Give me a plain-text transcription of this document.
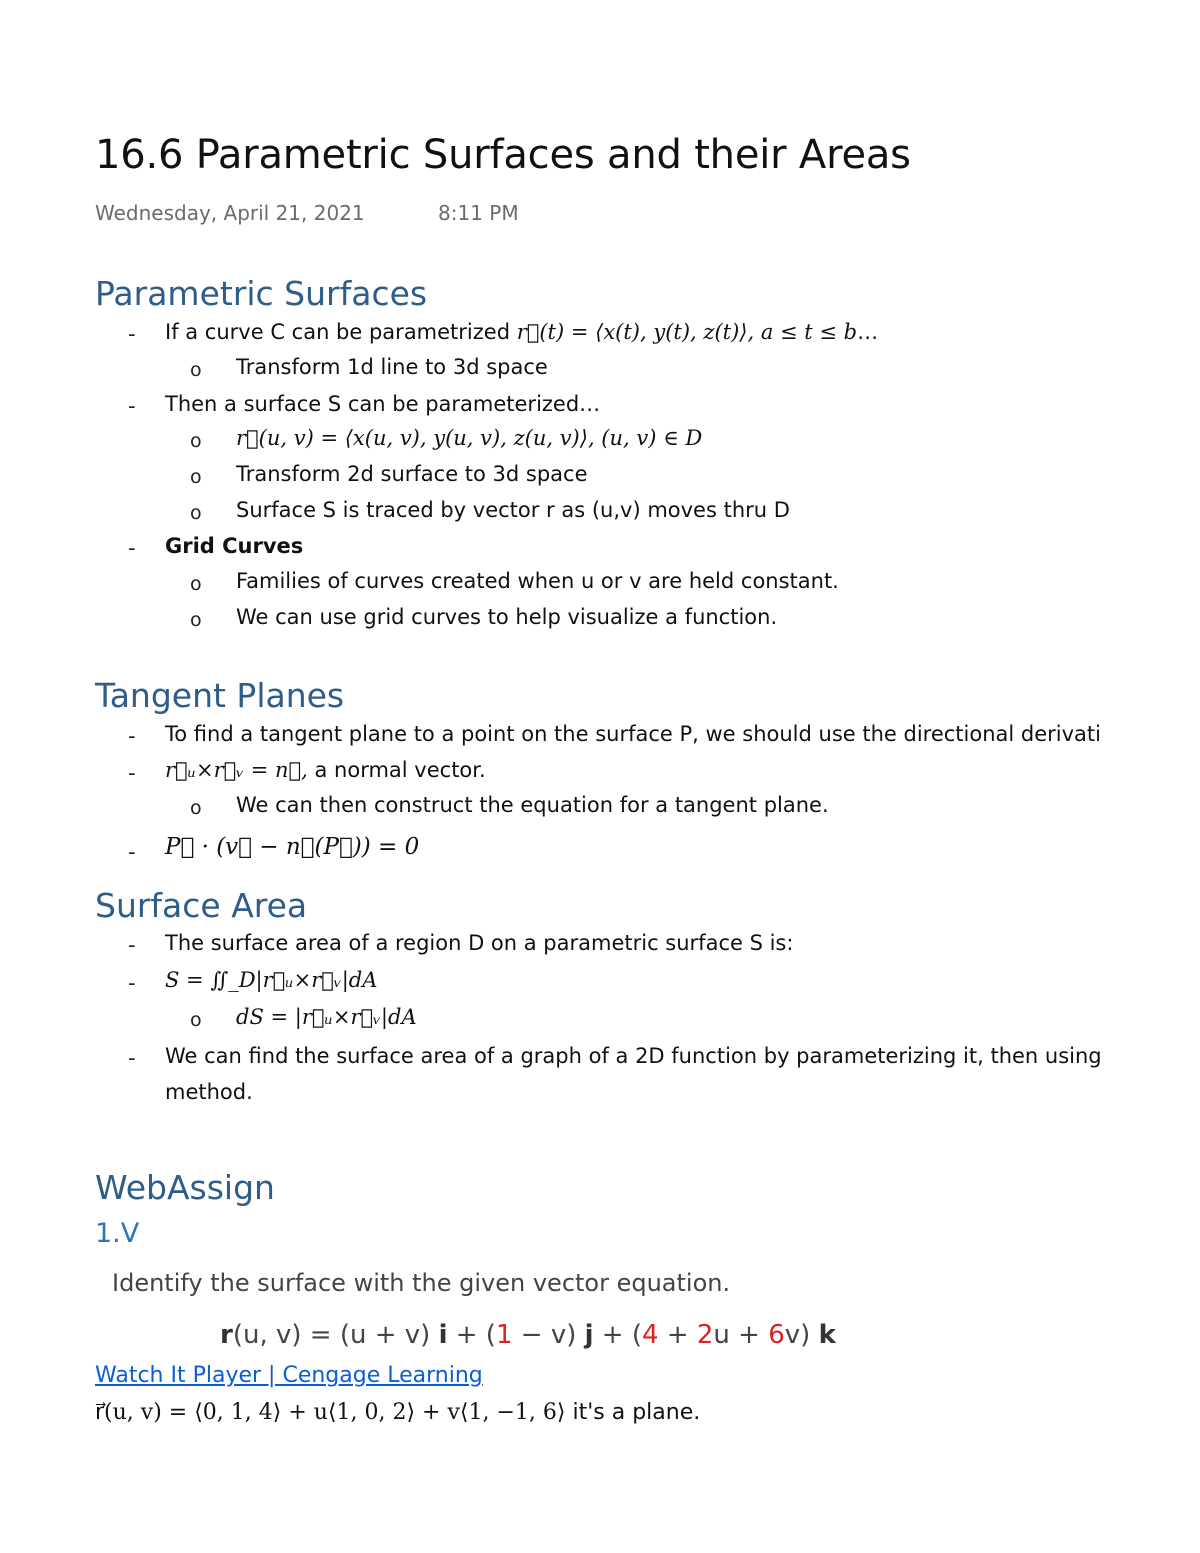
16.6 Parametric Surfaces and their Areas
Wednesday, April 21, 2021	8:11 PM
Parametric Surfaces
- If a curve C can be parametrized r⃗(t) = ⟨x(t), y(t), z(t)⟩, a ≤ t ≤ b…
o Transform 1d line to 3d space
- Then a surface S can be parameterized…
o r⃗(u, v) = ⟨x(u, v), y(u, v), z(u, v)⟩, (u, v) ∈ D
o Transform 2d surface to 3d space
o Surface S is traced by vector r as (u,v) moves thru D
- Grid Curves
o Families of curves created when u or v are held constant.
o We can use grid curves to help visualize a function.
Tangent Planes
- To find a tangent plane to a point on the surface P, we should use the directional derivati
- r⃗ᵤ×r⃗ᵥ = n⃗, a normal vector.
o We can then construct the equation for a tangent plane.
- P⃗ · (v⃗ − n⃗(P⃗)) = 0
Surface Area
- The surface area of a region D on a parametric surface S is:
- S = ∬_D|r⃗ᵤ×r⃗ᵥ|dA
o dS = |r⃗ᵤ×r⃗ᵥ|dA
- We can find the surface area of a graph of a 2D function by parameterizing it, then using
method.
WebAssign
1.V
Identify the surface with the given vector equation.
r(u, v) = (u + v) i + (1 − v) j + (4 + 2u + 6v) k
Watch It Player | Cengage Learning
r⃗(u, v) = ⟨0, 1, 4⟩ + u⟨1, 0, 2⟩ + v⟨1, −1, 6⟩ it's a plane.
